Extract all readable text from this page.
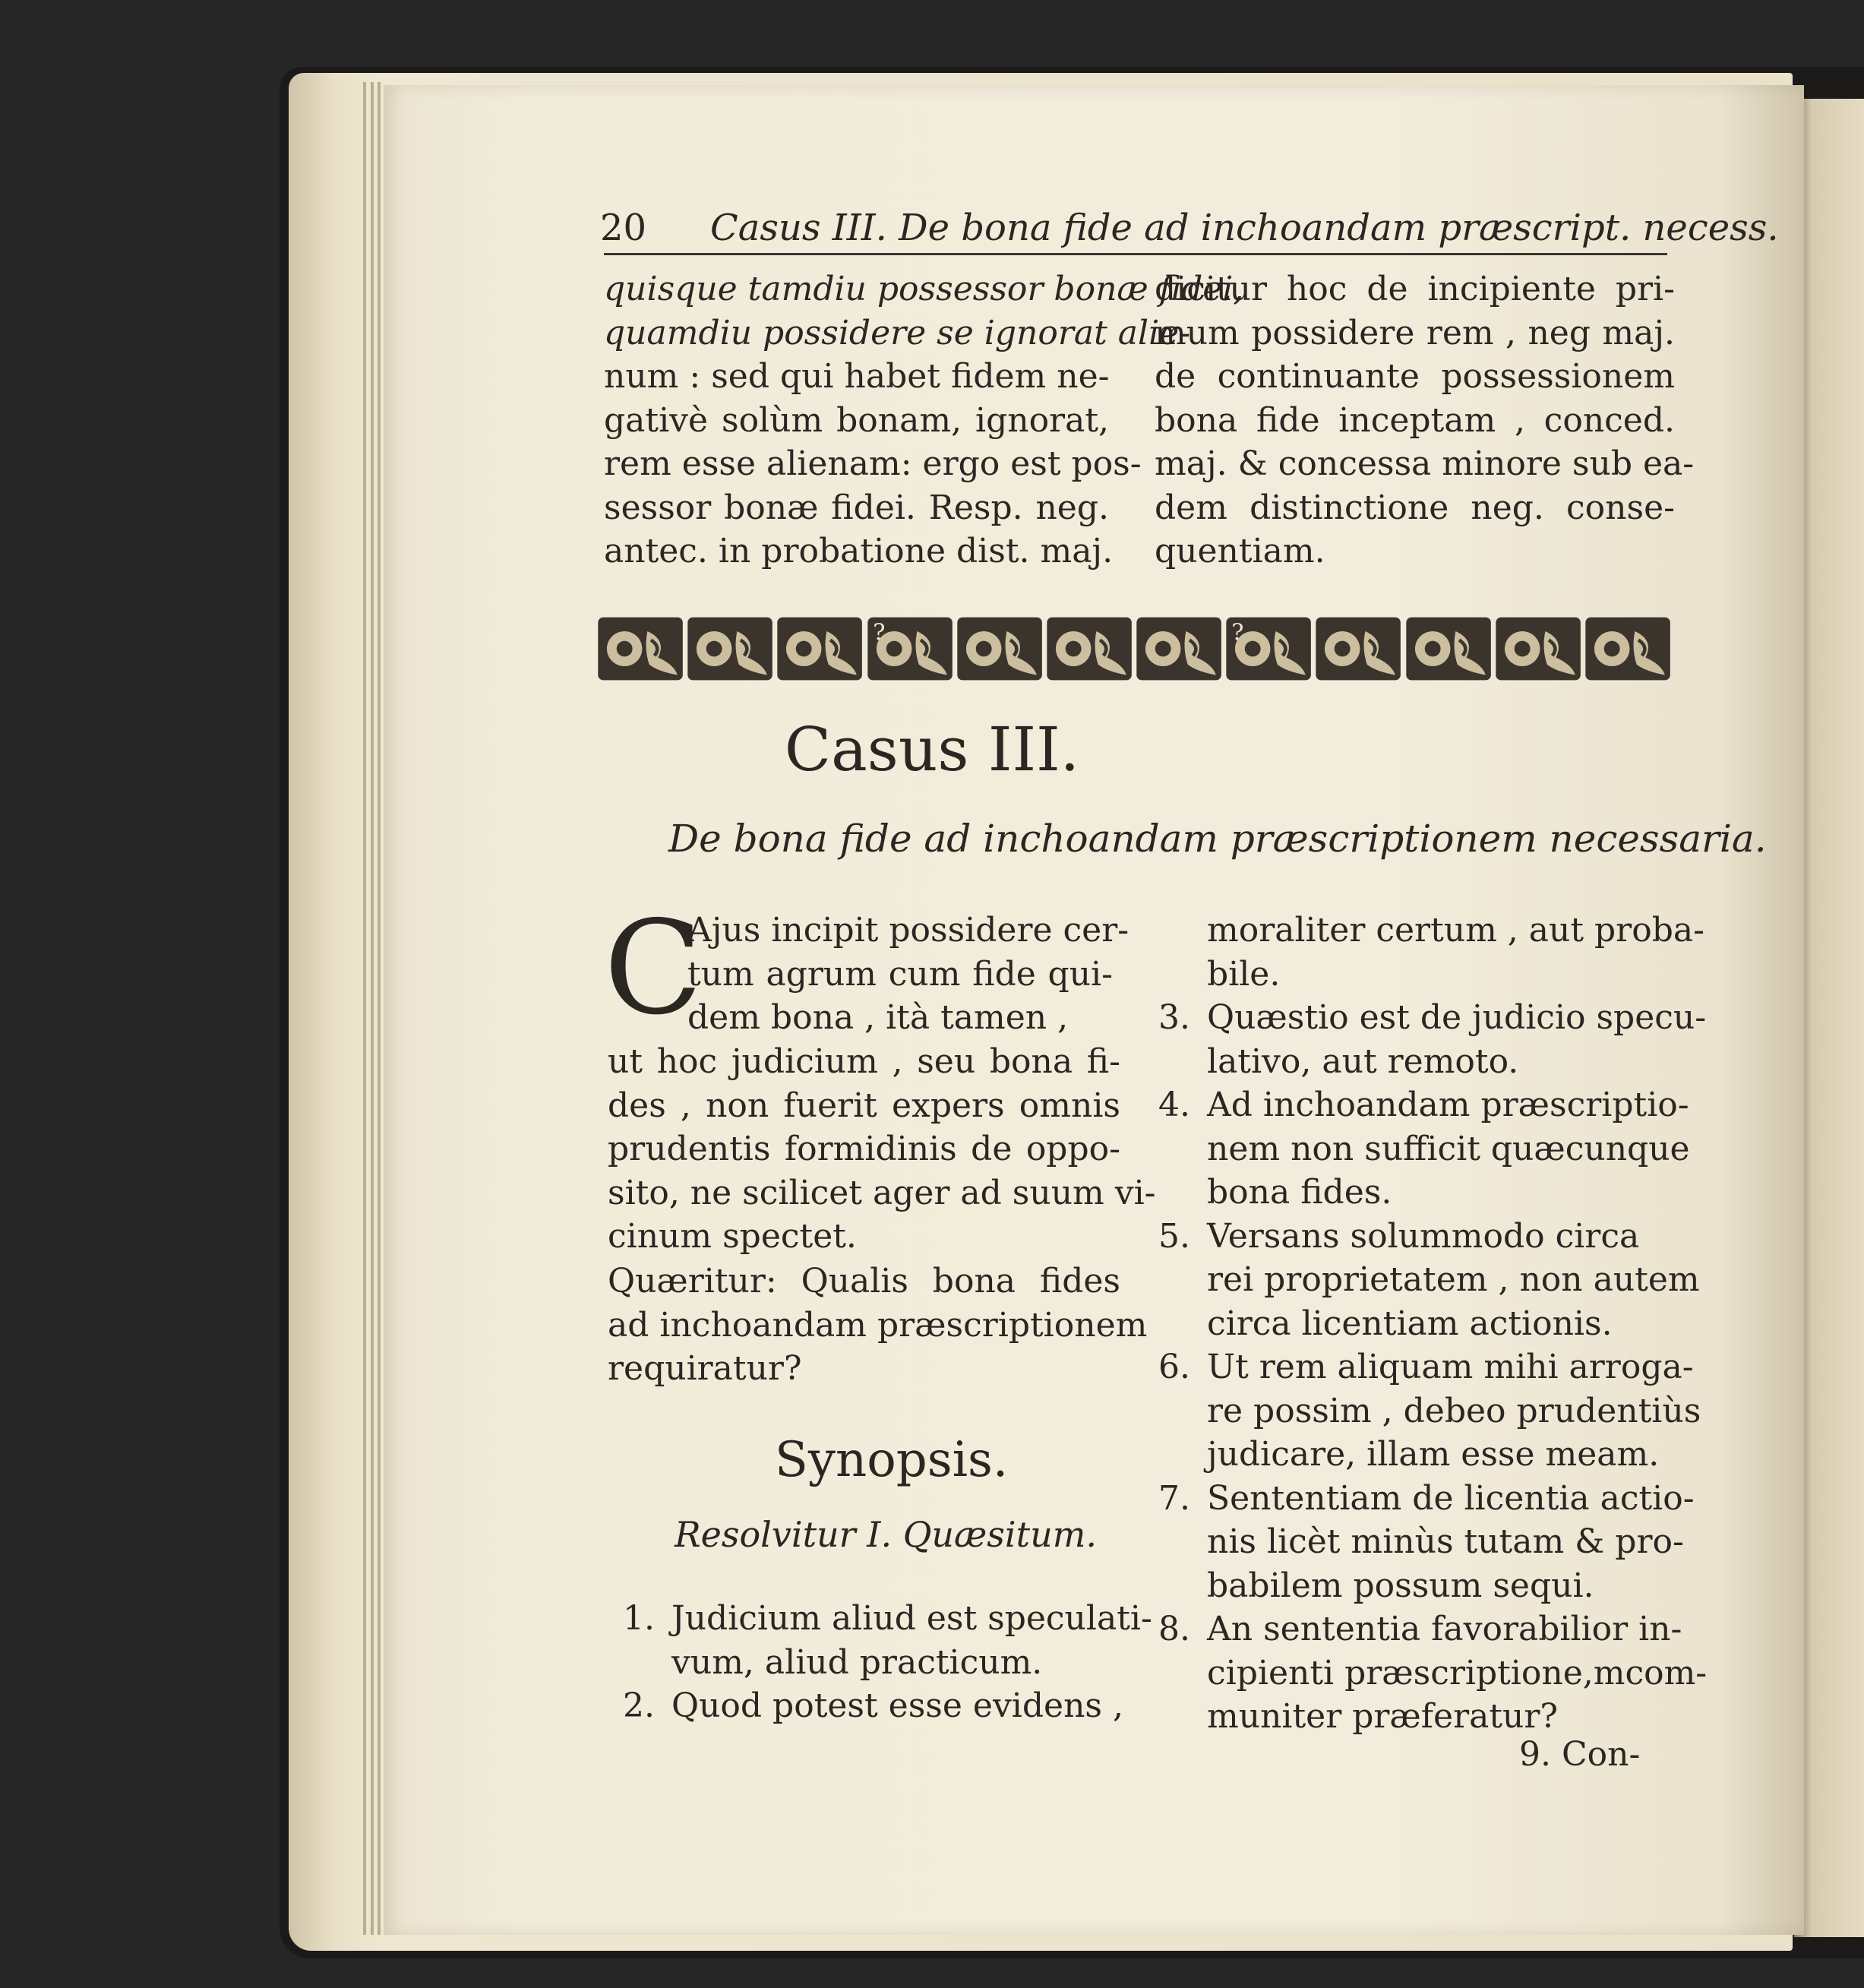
20 Casus III. De bona fide ad inchoandam præscript. necess.
quisque tamdiu possessor bonæ fidei,
quamdiu possidere se ignorat alie-
num : sed qui habet fidem ne-
gativè solùm bonam, ignorat,
rem esse alienam: ergo est pos-
sessor bonæ fidei. Resp. neg.
antec. in probatione dist. maj.
dicitur hoc de incipiente pri-
mum possidere rem , neg maj.
de continuante possessionem
bona fide inceptam , conced.
maj. & concessa minore sub ea-
dem distinctione neg. conse-
quentiam.
?	?
Casus III.
De bona fide ad inchoandam præscriptionem necessaria.
C
Ajus incipit possidere cer-
tum agrum cum fide qui-
dem bona , ità tamen ,
ut hoc judicium , seu bona fi-
des , non fuerit expers omnis
prudentis formidinis de oppo-
sito, ne scilicet ager ad suum vi-
cinum spectet.
Quæritur: Qualis bona fides
ad inchoandam præscriptionem
requiratur?
Synopsis.
Resolvitur I. Quæsitum.
1. Judicium aliud est speculati-
vum, aliud practicum.
2. Quod potest esse evidens ,
moraliter certum , aut proba-
bile.
3. Quæstio est de judicio specu-
lativo, aut remoto.
4. Ad inchoandam præscriptio-
nem non sufficit quæcunque
bona fides.
5. Versans solummodo circa
rei proprietatem , non autem
circa licentiam actionis.
6. Ut rem aliquam mihi arroga-
re possim , debeo prudentiùs
judicare, illam esse meam.
7. Sententiam de licentia actio-
nis licèt minùs tutam & pro-
babilem possum sequi.
8. An sententia favorabilior in-
cipienti præscriptione,mcom-
muniter præferatur?
9. Con-
